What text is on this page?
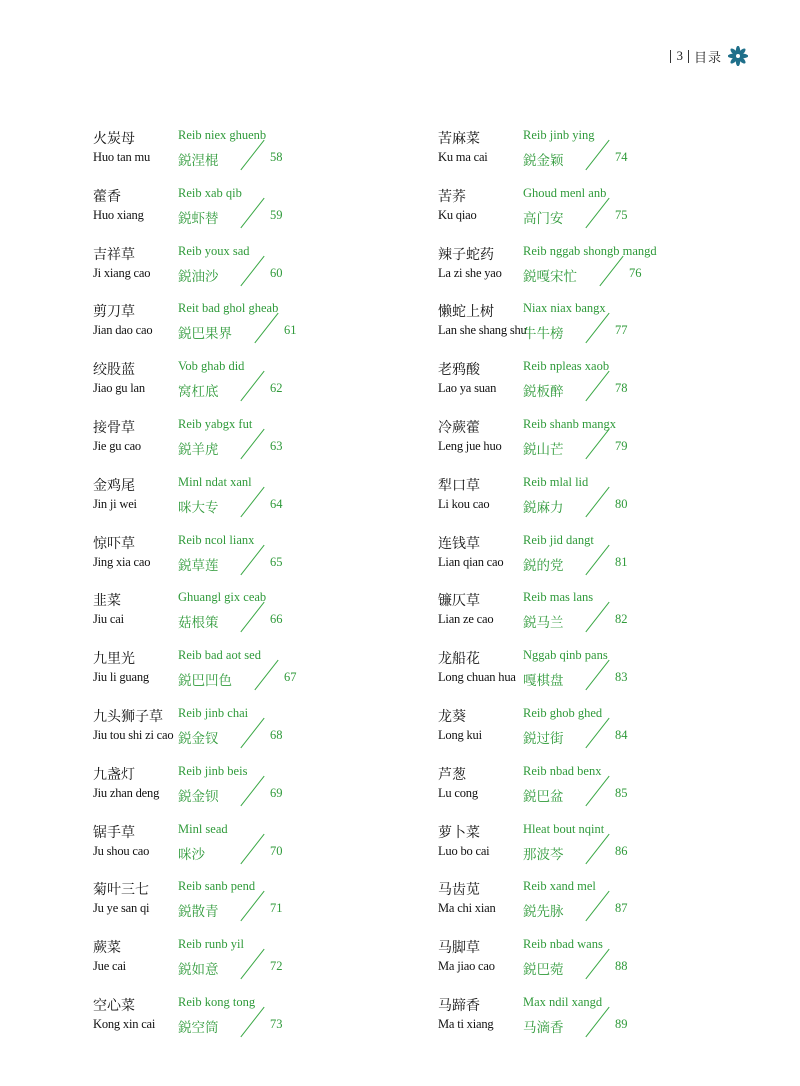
3 目录
火炭母
Huo tan mu
Reib niex ghuenb
鋭涅棍	58
藿香
Huo xiang
Reib xab qib
鋭虾替	59
吉祥草
Ji xiang cao
Reib youx sad
鋭油沙	60
剪刀草
Jian dao cao
Reit bad ghol gheab
鋭巴果界	61
绞股蓝
Jiao gu lan
Vob ghab did
窝杠底	62
接骨草
Jie gu cao
Reib yabgx fut
鋭羊虎	63
金鸡尾
Jin ji wei
Minl ndat xanl
咪大专	64
惊吓草
Jing xia cao
Reib ncol lianx
鋭草莲	65
韭菜
Jiu cai
Ghuangl gix ceab
菇根策	66
九里光
Jiu li guang
Reib bad aot sed
鋭巴凹色	67
九头狮子草
Jiu tou shi zi cao
Reib jinb chai
鋭金钗	68
九盏灯
Jiu zhan deng
Reib jinb beis
鋭金钡	69
锯手草
Ju shou cao
Minl sead
咪沙	70
菊叶三七
Ju ye san qi
Reib sanb pend
鋭散青	71
蕨菜
Jue cai
Reib runb yil
鋭如意	72
空心菜
Kong xin cai
Reib kong tong
鋭空筒	73
苦麻菜
Ku ma cai
Reib jinb ying
鋭金颖	74
苦荞
Ku qiao
Ghoud menl anb
高门安	75
辣子蛇药
La zi she yao
Reib nggab shongb mangd
鋭嘎宋忙	76
懒蛇上树
Lan she shang shu
Niax niax bangx
牛牛榜	77
老鸦酸
Lao ya suan
Reib npleas xaob
鋭板醉	78
冷蕨藿
Leng jue huo
Reib shanb mangx
鋭山芒	79
犁口草
Li kou cao
Reib mlal lid
鋭麻力	80
连钱草
Lian qian cao
Reib jid dangt
鋭的党	81
镰仄草
Lian ze cao
Reib mas lans
鋭马兰	82
龙船花
Long chuan hua
Nggab qinb pans
嘎棋盘	83
龙葵
Long kui
Reib ghob ghed
鋭过街	84
芦葱
Lu cong
Reib nbad benx
鋭巴盆	85
萝卜菜
Luo bo cai
Hleat bout nqint
那波芩	86
马齿苋
Ma chi xian
Reib xand mel
鋭先脉	87
马脚草
Ma jiao cao
Reib nbad wans
鋭巴菀	88
马蹄香
Ma ti xiang
Max ndil xangd
马滴香	89
